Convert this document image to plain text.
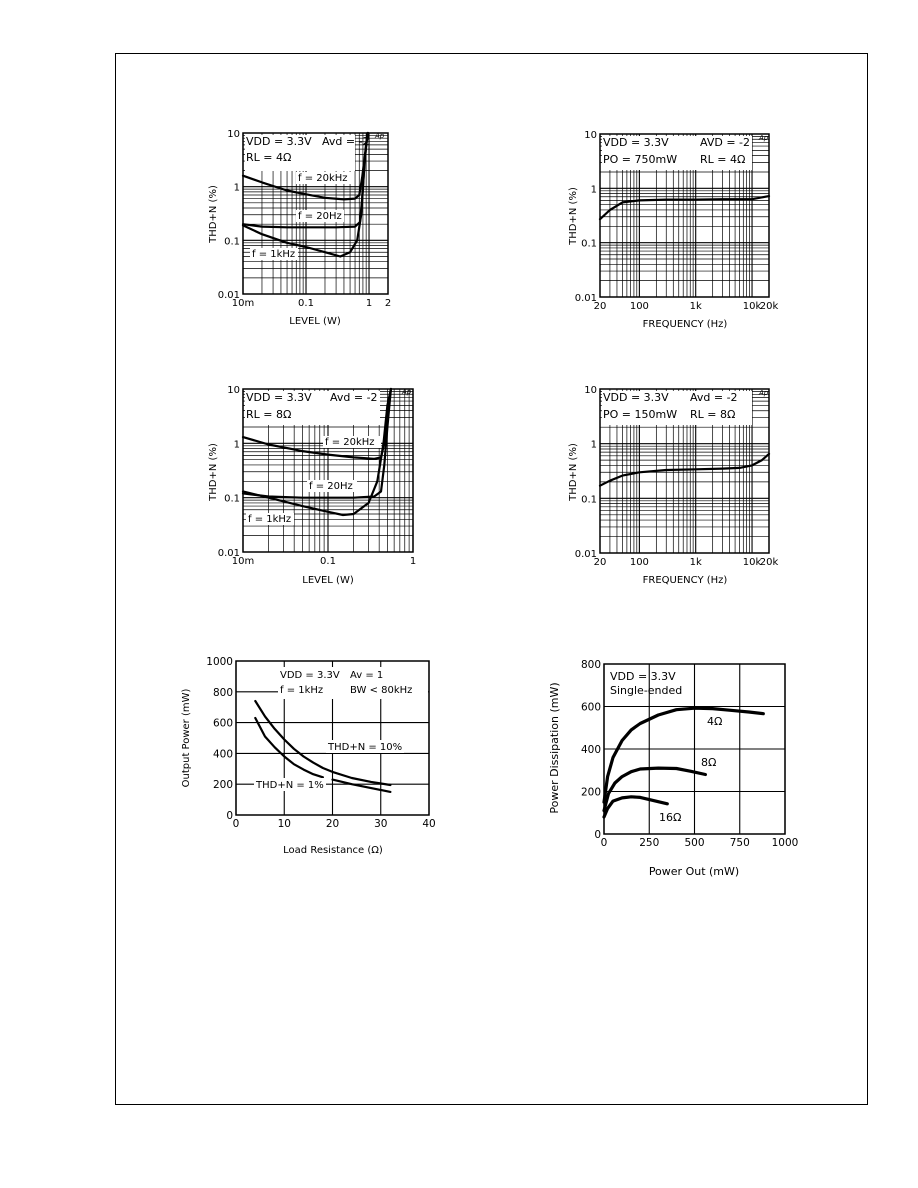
10m	0.1	1 2
0.01
0.1
1
10
VDD = 3.3V Avd = -2
RL = 4Ω
Ap
LEVEL (W)
THD+N (%)
f = 20kHz
f = 20Hz
f = 1kHz
20 100	1k	10k
20k
0.01
0.1
1
10
VDD = 3.3V	AVD = -2
PO = 750mW RL = 4Ω
Ap
FREQUENCY (Hz)
THD+N (%)
10m	0.1	1
0.01
0.1
1
10
VDD = 3.3V Avd = -2
RL = 8Ω
Ap
LEVEL (W)
THD+N (%)
f = 20kHz
f = 20Hz
f = 1kHz
20 100	1k	10k
20k
0.01
0.1
1
10
VDD = 3.3V Avd = -2
PO = 150mW RL = 8Ω
Ap
FREQUENCY (Hz)
THD+N (%)
0	10	20	30	40
0
200
400
600
800
1000
VDD = 3.3V Av = 1
f = 1kHz	BW < 80kHz
THD+N = 10%
THD+N = 1%
Load Resistance (Ω)
Output Power (mW)
0	250 500 750 1000
0
200
400
600
800
VDD = 3.3V
Single-ended
4Ω
8Ω
16Ω
Power Out (mW)
Power Dissipation (mW)
